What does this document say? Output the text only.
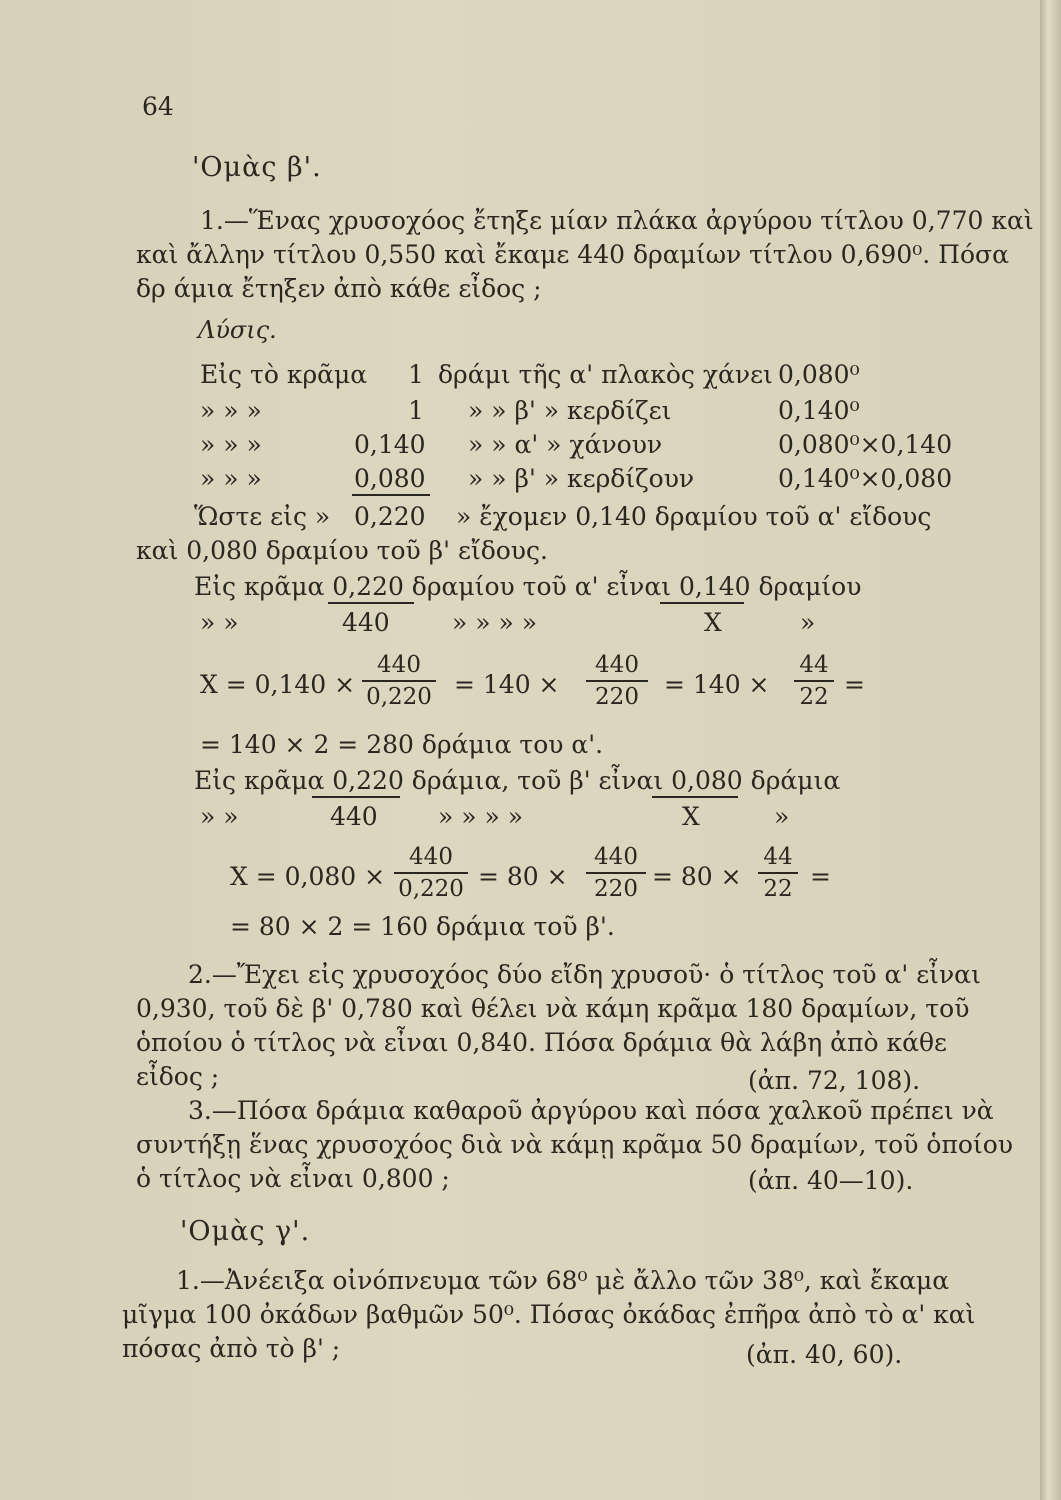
64
'Ομὰς β'.
1.—Ἕνας χρυσοχόος ἔτηξε μίαν πλάκα ἀργύρου τίτλου 0,770 καὶ
καὶ ἄλλην τίτλου 0,550 καὶ ἔκαμε 440 δραμίων τίτλου 0,690⁰. Πόσα
δρ άμια ἔτηξεν ἀπὸ κάθε εἶδος ;
Λύσις.
Εἰς τὸ κρᾶμα 1 δράμι τῆς α' πλακὸς χάνει 0,080⁰
» » »	1 » » β' » κερδίζει	0,140⁰
» » »	0,140 » » α' » χάνουν	0,080⁰×0,140
» » »	0,080 » » β' » κερδίζουν	0,140⁰×0,080
Ὥστε εἰς » 0,220 » ἔχομεν 0,140 δραμίου τοῦ α' εἴδους
καὶ 0,080 δραμίου τοῦ β' εἴδους.
Εἰς κρᾶμα 0,220 δραμίου τοῦ α' εἶναι 0,140 δραμίου
» »	440 » » » »	X	»
X = 0,140 ×
440
0,220 = 140 ×
440
220	= 140 ×
44
22 =
= 140 × 2 = 280 δράμια του α'.
Εἰς κρᾶμα 0,220 δράμια, τοῦ β' εἶναι 0,080 δράμια
» »	440 » » » »	X	»
X = 0,080 ×
440
0,220 = 80 ×
440
220 = 80 ×
44
22 =
= 80 × 2 = 160 δράμια τοῦ β'.
2.—Ἔχει εἰς χρυσοχόος δύο εἴδη χρυσοῦ· ὁ τίτλος τοῦ α' εἶναι
0,930, τοῦ δὲ β' 0,780 καὶ θέλει νὰ κάμη κρᾶμα 180 δραμίων, τοῦ
ὁποίου ὁ τίτλος νὰ εἶναι 0,840. Πόσα δράμια θὰ λάβη ἀπὸ κάθε
εἶδος ;	(ἀπ. 72, 108).
3.—Πόσα δράμια καθαροῦ ἀργύρου καὶ πόσα χαλκοῦ πρέπει νὰ
συντήξῃ ἕνας χρυσοχόος διὰ νὰ κάμῃ κρᾶμα 50 δραμίων, τοῦ ὁποίου
ὁ τίτλος νὰ εἶναι 0,800 ;	(ἀπ. 40—10).
'Ομὰς γ'.
1.—Ἀνέειξα οἰνόπνευμα τῶν 68⁰ μὲ ἄλλο τῶν 38⁰, καὶ ἔκαμα
μῖγμα 100 ὀκάδων βαθμῶν 50⁰. Πόσας ὀκάδας ἐπῆρα ἀπὸ τὸ α' καὶ
πόσας ἀπὸ τὸ β' ;	(ἀπ. 40, 60).
